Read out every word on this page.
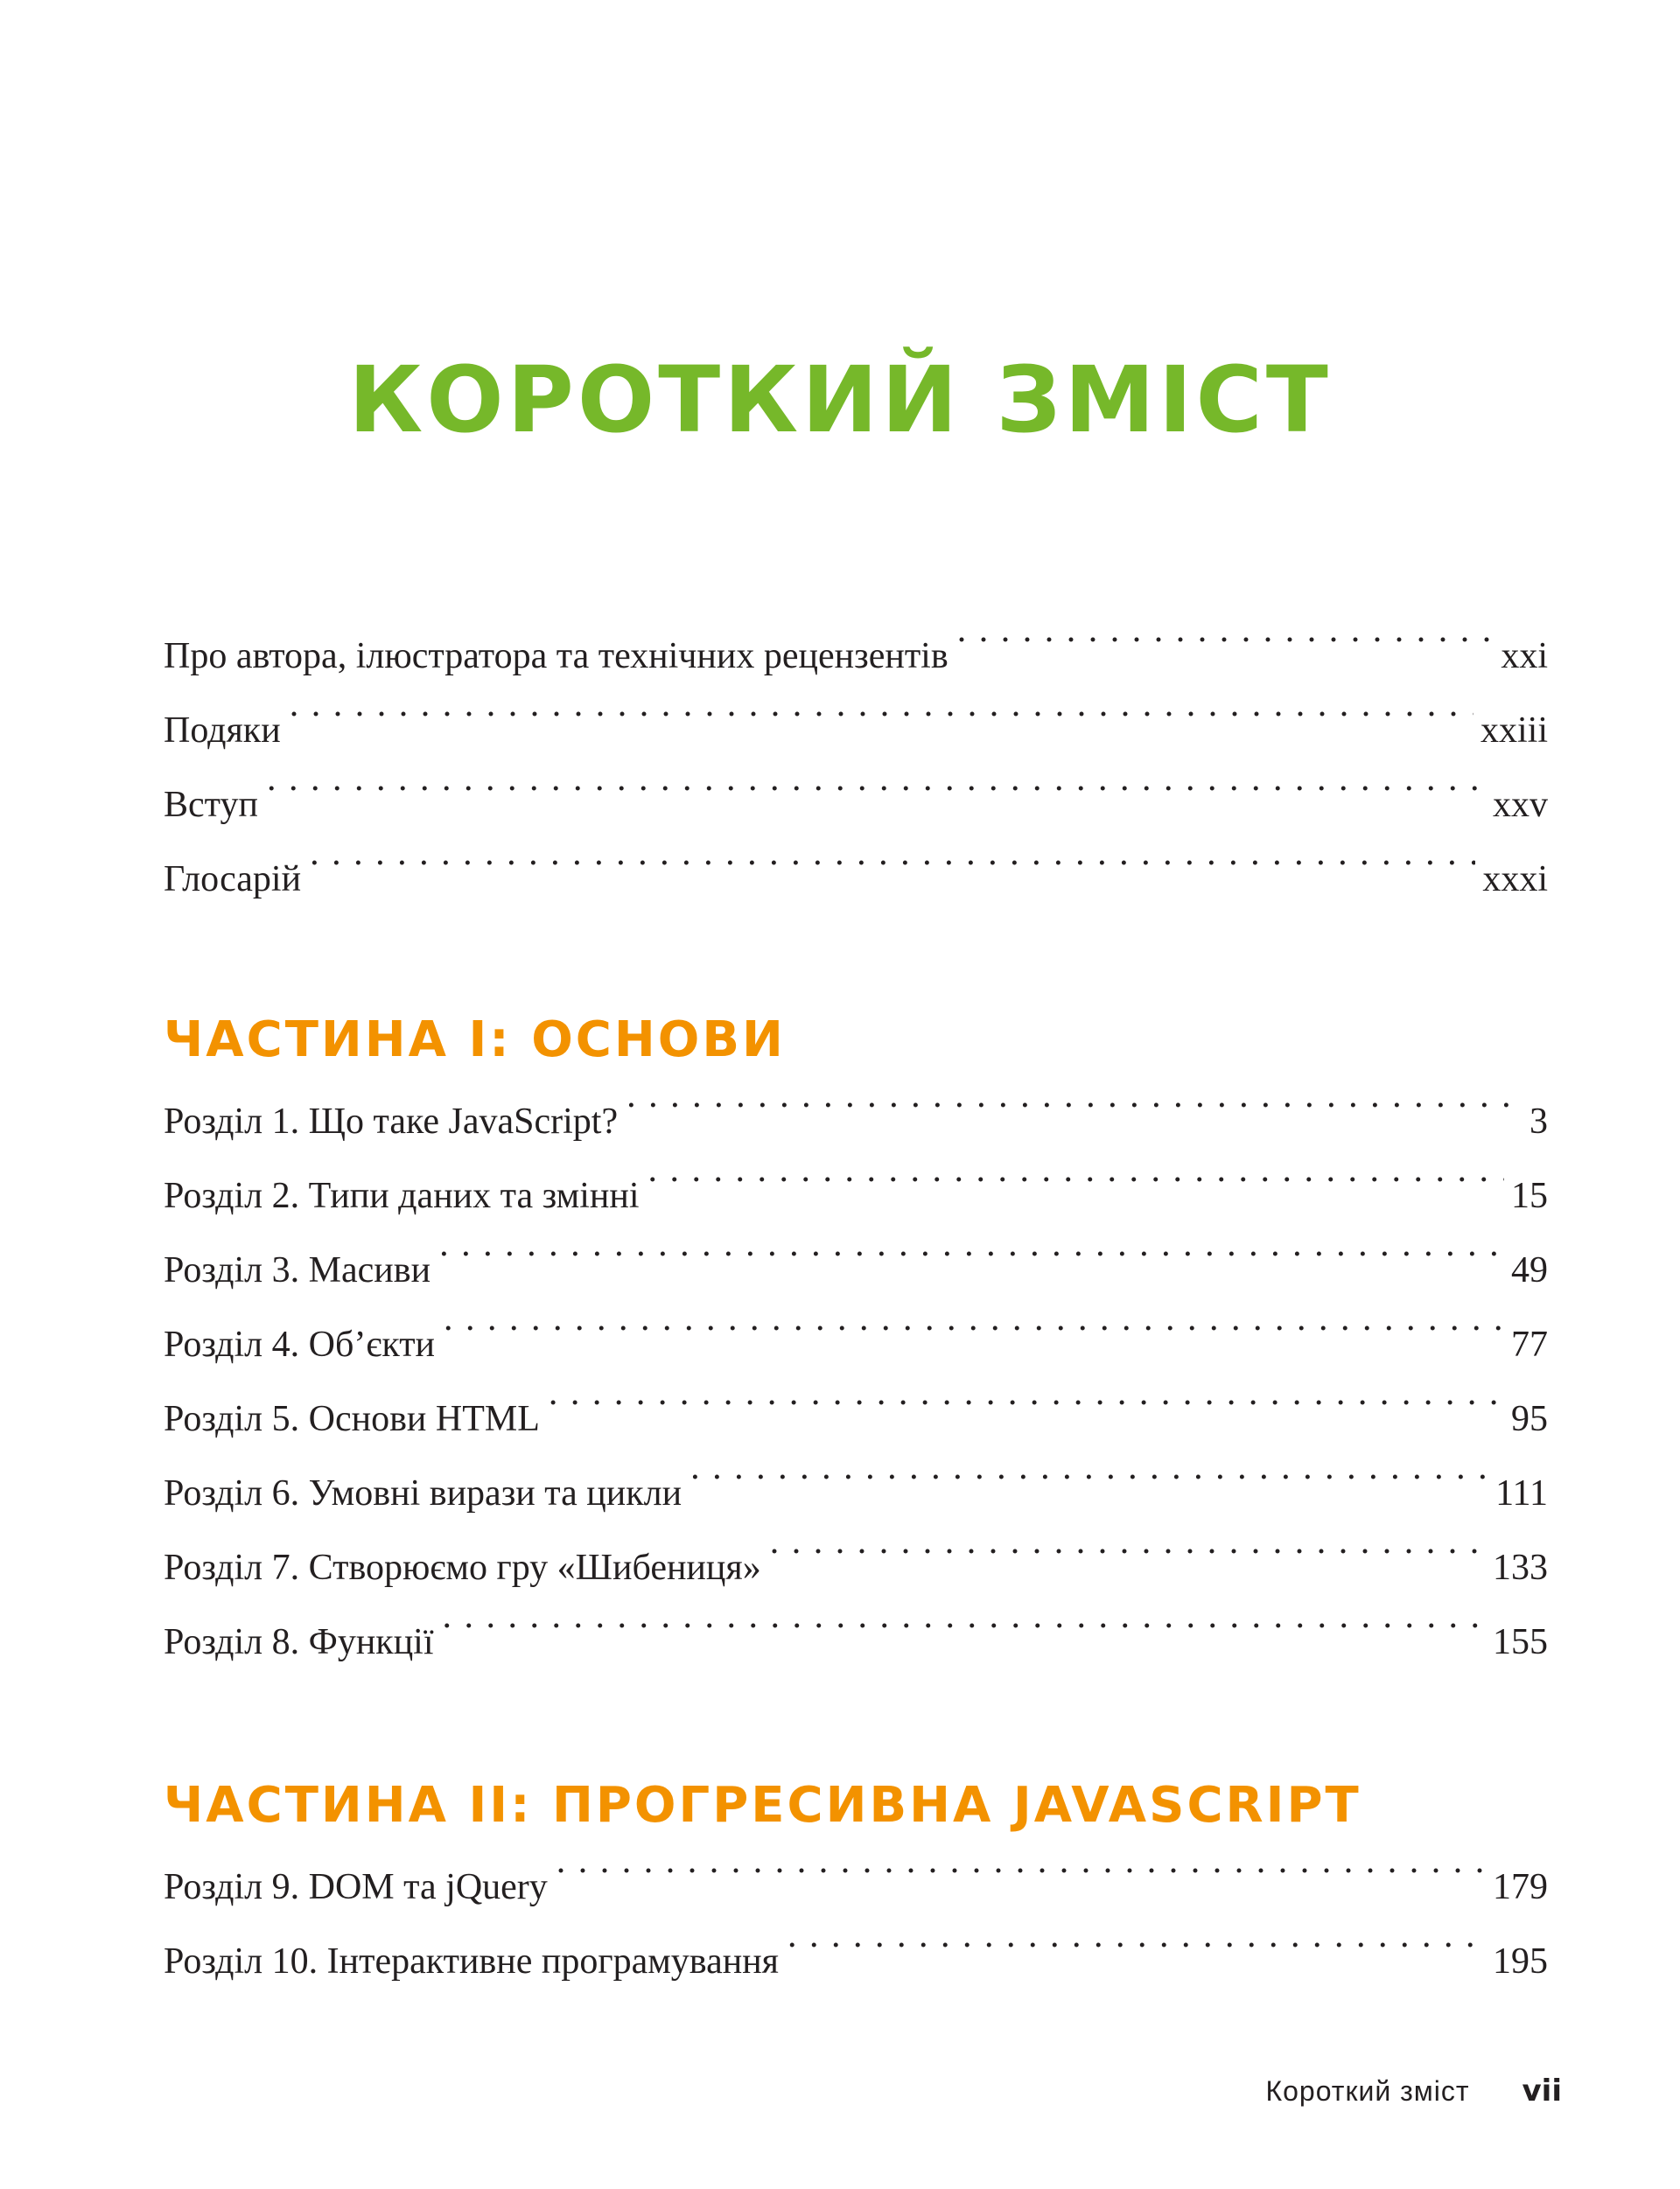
КОРОТКИЙ ЗМІСТ
Про автора, ілюстратора та технічних рецензентів . . .	xxi
Подяки . . .	xxiii
Вступ . . .	xxv
Глосарій . . .	xxxi
ЧАСТИНА I: ОСНОВИ
Розділ 1. Що таке JavaScript? . . .	3
Розділ 2. Типи даних та змінні . . .	15
Розділ 3. Масиви . . .	49
Розділ 4. Об’єкти . . .	77
Розділ 5. Основи HTML . . .	95
Розділ 6. Умовні вирази та цикли . . .	111
Розділ 7. Створюємо гру «Шибениця» . . .	133
Розділ 8. Функції . . .	155
ЧАСТИНА II: ПРОГРЕСИВНА JAVASCRIPT
Розділ 9. DOM та jQuery . . .	179
Розділ 10. Інтерактивне програмування . . .	195
Короткий зміст vii
